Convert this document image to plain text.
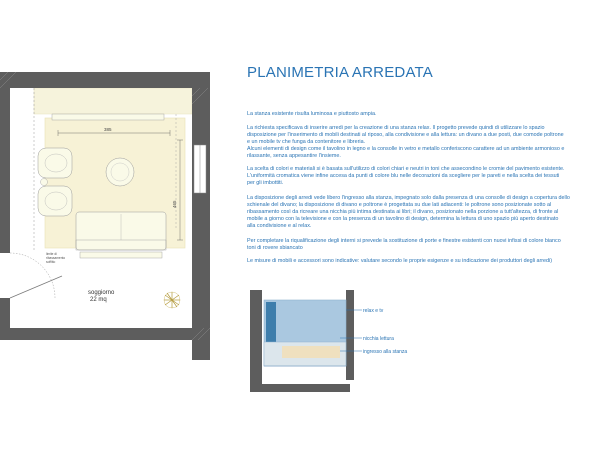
385
465
limite di ribassamento soffitto
soggiorno
22 mq
PLANIMETRIA ARREDATA

La stanza esistente risulta luminosa e piuttosto ampia.

La richiesta specificava di inserire arredi per la creazione di una stanza relax. Il progetto prevede quindi di utilizzare lo spazio
disposizione per l'inserimento di mobili destinati al riposo, alla condivisione e alla lettura: un divano a due posti, due comode poltrone
e un mobile tv che funga da contenitore e libreria.
Alcuni elementi di design come il tavolino in legno e la consolle in vetro e metallo conferiscono carattere ad un ambiente armonioso e
rilassante, senza appesantire l'insieme.

La scelta di colori e materiali si è basata sull'utilizzo di colori chiari e neutri in toni che assecondino le cromie del pavimento esistente.
L'uniformità cromatica viene infine accesa da punti di colore blu nelle decorazioni da scegliere per le pareti e nella scelta dei tessuti
per gli imbottiti.

La disposizione degli arredi vede libero l'ingresso alla stanza, impegnato solo dalla presenza di una consolle di design a copertura dello
schienale del divano; la disposizione di divano e poltrone è progettata su due lati adiacenti: le poltrone sono posizionate sotto al
ribassamento così da ricreare una nicchia più intima destinata ai libri; il divano, posizionato nella porzione a tutt'altezza, di fronte al
mobile a giorno con la televisione e con la presenza di un tavolino di design, determina la lettura di uno spazio più aperto destinato
alla condivisione e al relax.

Per completare la riqualificazione degli interni si prevede la sostituzione di porte e finestre esistenti con nuovi infissi di colore bianco
toni di rovere sbiancato

Le misure di mobili e accessori sono indicative: valutare secondo le proprie esigenze e su indicazione dei produttori degli arredi)

relax e tv
nicchia lettura
ingresso alla stanza
